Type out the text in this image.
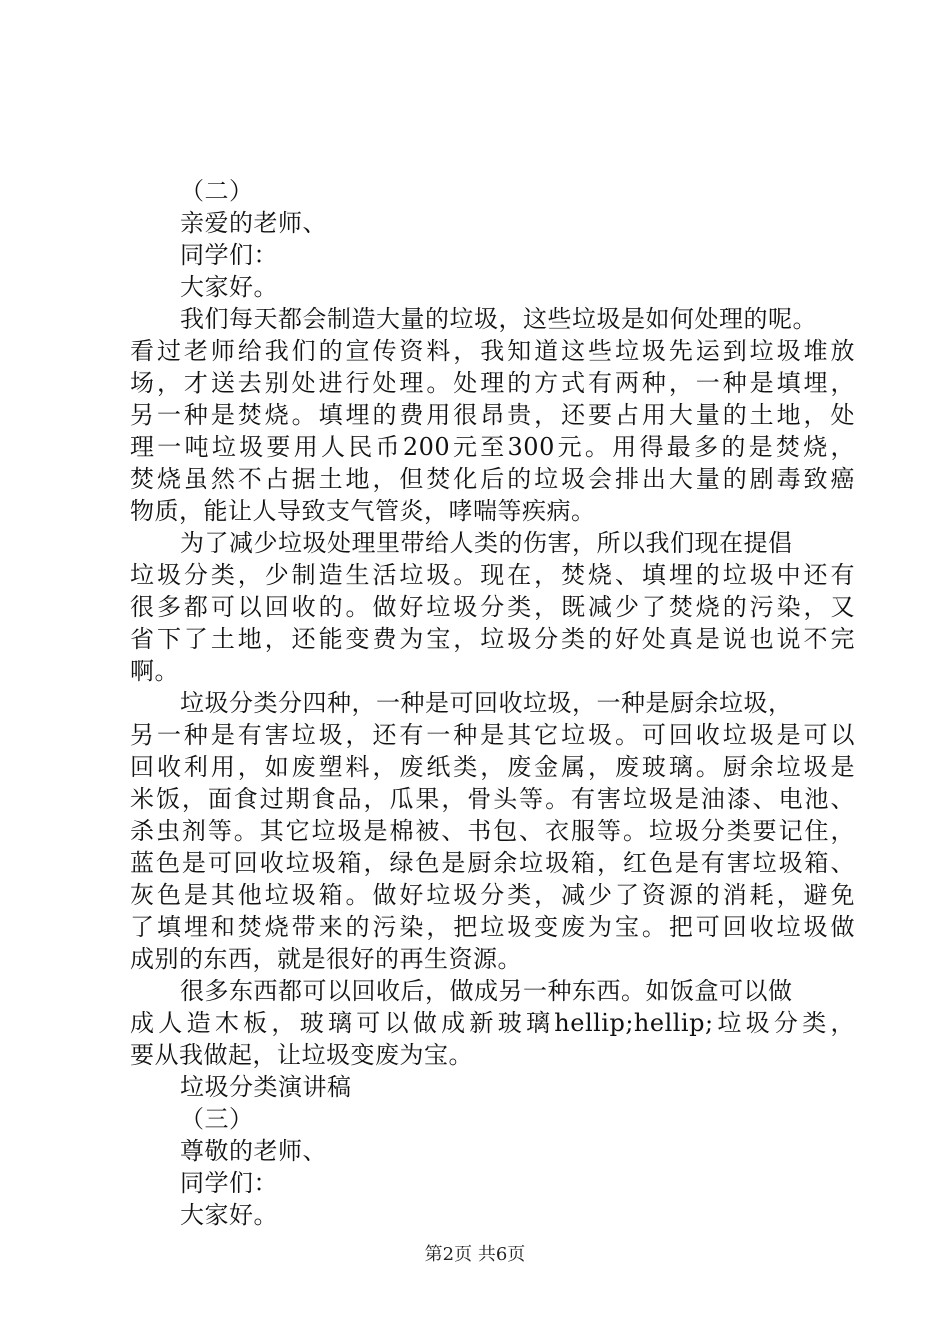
（二）
亲爱的老师、
同学们：
大家好。
我们每天都会制造大量的垃圾，这些垃圾是如何处理的呢。
看过老师给我们的宣传资料，我知道这些垃圾先运到垃圾堆放
场，才送去别处进行处理。处理的方式有两种，一种是填埋，
另一种是焚烧。填埋的费用很昂贵，还要占用大量的土地，处
理一吨垃圾要用人民币200元至300元。用得最多的是焚烧，
焚烧虽然不占据土地，但焚化后的垃圾会排出大量的剧毒致癌
物质，能让人导致支气管炎，哮喘等疾病。
为了减少垃圾处理里带给人类的伤害，所以我们现在提倡
垃圾分类，少制造生活垃圾。现在，焚烧、填埋的垃圾中还有
很多都可以回收的。做好垃圾分类，既减少了焚烧的污染，又
省下了土地，还能变费为宝，垃圾分类的好处真是说也说不完
啊。
垃圾分类分四种，一种是可回收垃圾，一种是厨余垃圾，
另一种是有害垃圾，还有一种是其它垃圾。可回收垃圾是可以
回收利用，如废塑料，废纸类，废金属，废玻璃。厨余垃圾是
米饭，面食过期食品，瓜果，骨头等。有害垃圾是油漆、电池、
杀虫剂等。其它垃圾是棉被、书包、衣服等。垃圾分类要记住，
蓝色是可回收垃圾箱，绿色是厨余垃圾箱，红色是有害垃圾箱、
灰色是其他垃圾箱。做好垃圾分类，减少了资源的消耗，避免
了填埋和焚烧带来的污染，把垃圾变废为宝。把可回收垃圾做
成别的东西，就是很好的再生资源。
很多东西都可以回收后，做成另一种东西。如饭盒可以做
成人造木板，玻璃可以做成新玻璃hellip;hellip;垃圾分类，
要从我做起，让垃圾变废为宝。
垃圾分类演讲稿
（三）
尊敬的老师、
同学们：
大家好。
第2页 共6页
